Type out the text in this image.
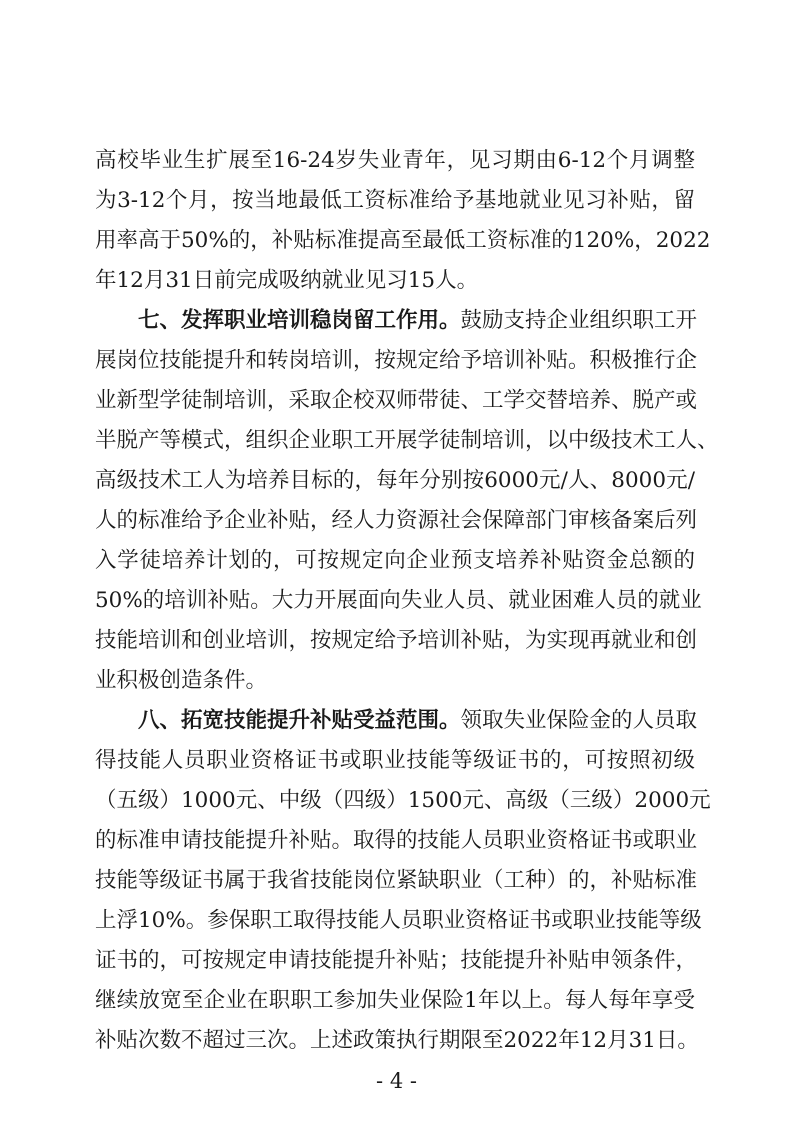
高校毕业生扩展至16-24岁失业青年，见习期由6-12个月调整
为3-12个月，按当地最低工资标准给予基地就业见习补贴，留
用率高于50%的，补贴标准提高至最低工资标准的120%，2022
年12月31日前完成吸纳就业见习15人。
七、发挥职业培训稳岗留工作用。鼓励支持企业组织职工开
展岗位技能提升和转岗培训，按规定给予培训补贴。积极推行企
业新型学徒制培训，采取企校双师带徒、工学交替培养、脱产或
半脱产等模式，组织企业职工开展学徒制培训，以中级技术工人、
高级技术工人为培养目标的，每年分别按6000元/人、8000元/
人的标准给予企业补贴，经人力资源社会保障部门审核备案后列
入学徒培养计划的，可按规定向企业预支培养补贴资金总额的
50%的培训补贴。大力开展面向失业人员、就业困难人员的就业
技能培训和创业培训，按规定给予培训补贴，为实现再就业和创
业积极创造条件。
八、拓宽技能提升补贴受益范围。领取失业保险金的人员取
得技能人员职业资格证书或职业技能等级证书的，可按照初级
（五级）1000元、中级（四级）1500元、高级（三级）2000元
的标准申请技能提升补贴。取得的技能人员职业资格证书或职业
技能等级证书属于我省技能岗位紧缺职业（工种）的，补贴标准
上浮10%。参保职工取得技能人员职业资格证书或职业技能等级
证书的，可按规定申请技能提升补贴；技能提升补贴申领条件，
继续放宽至企业在职职工参加失业保险1年以上。每人每年享受
补贴次数不超过三次。上述政策执行期限至2022年12月31日。
- 4 -
